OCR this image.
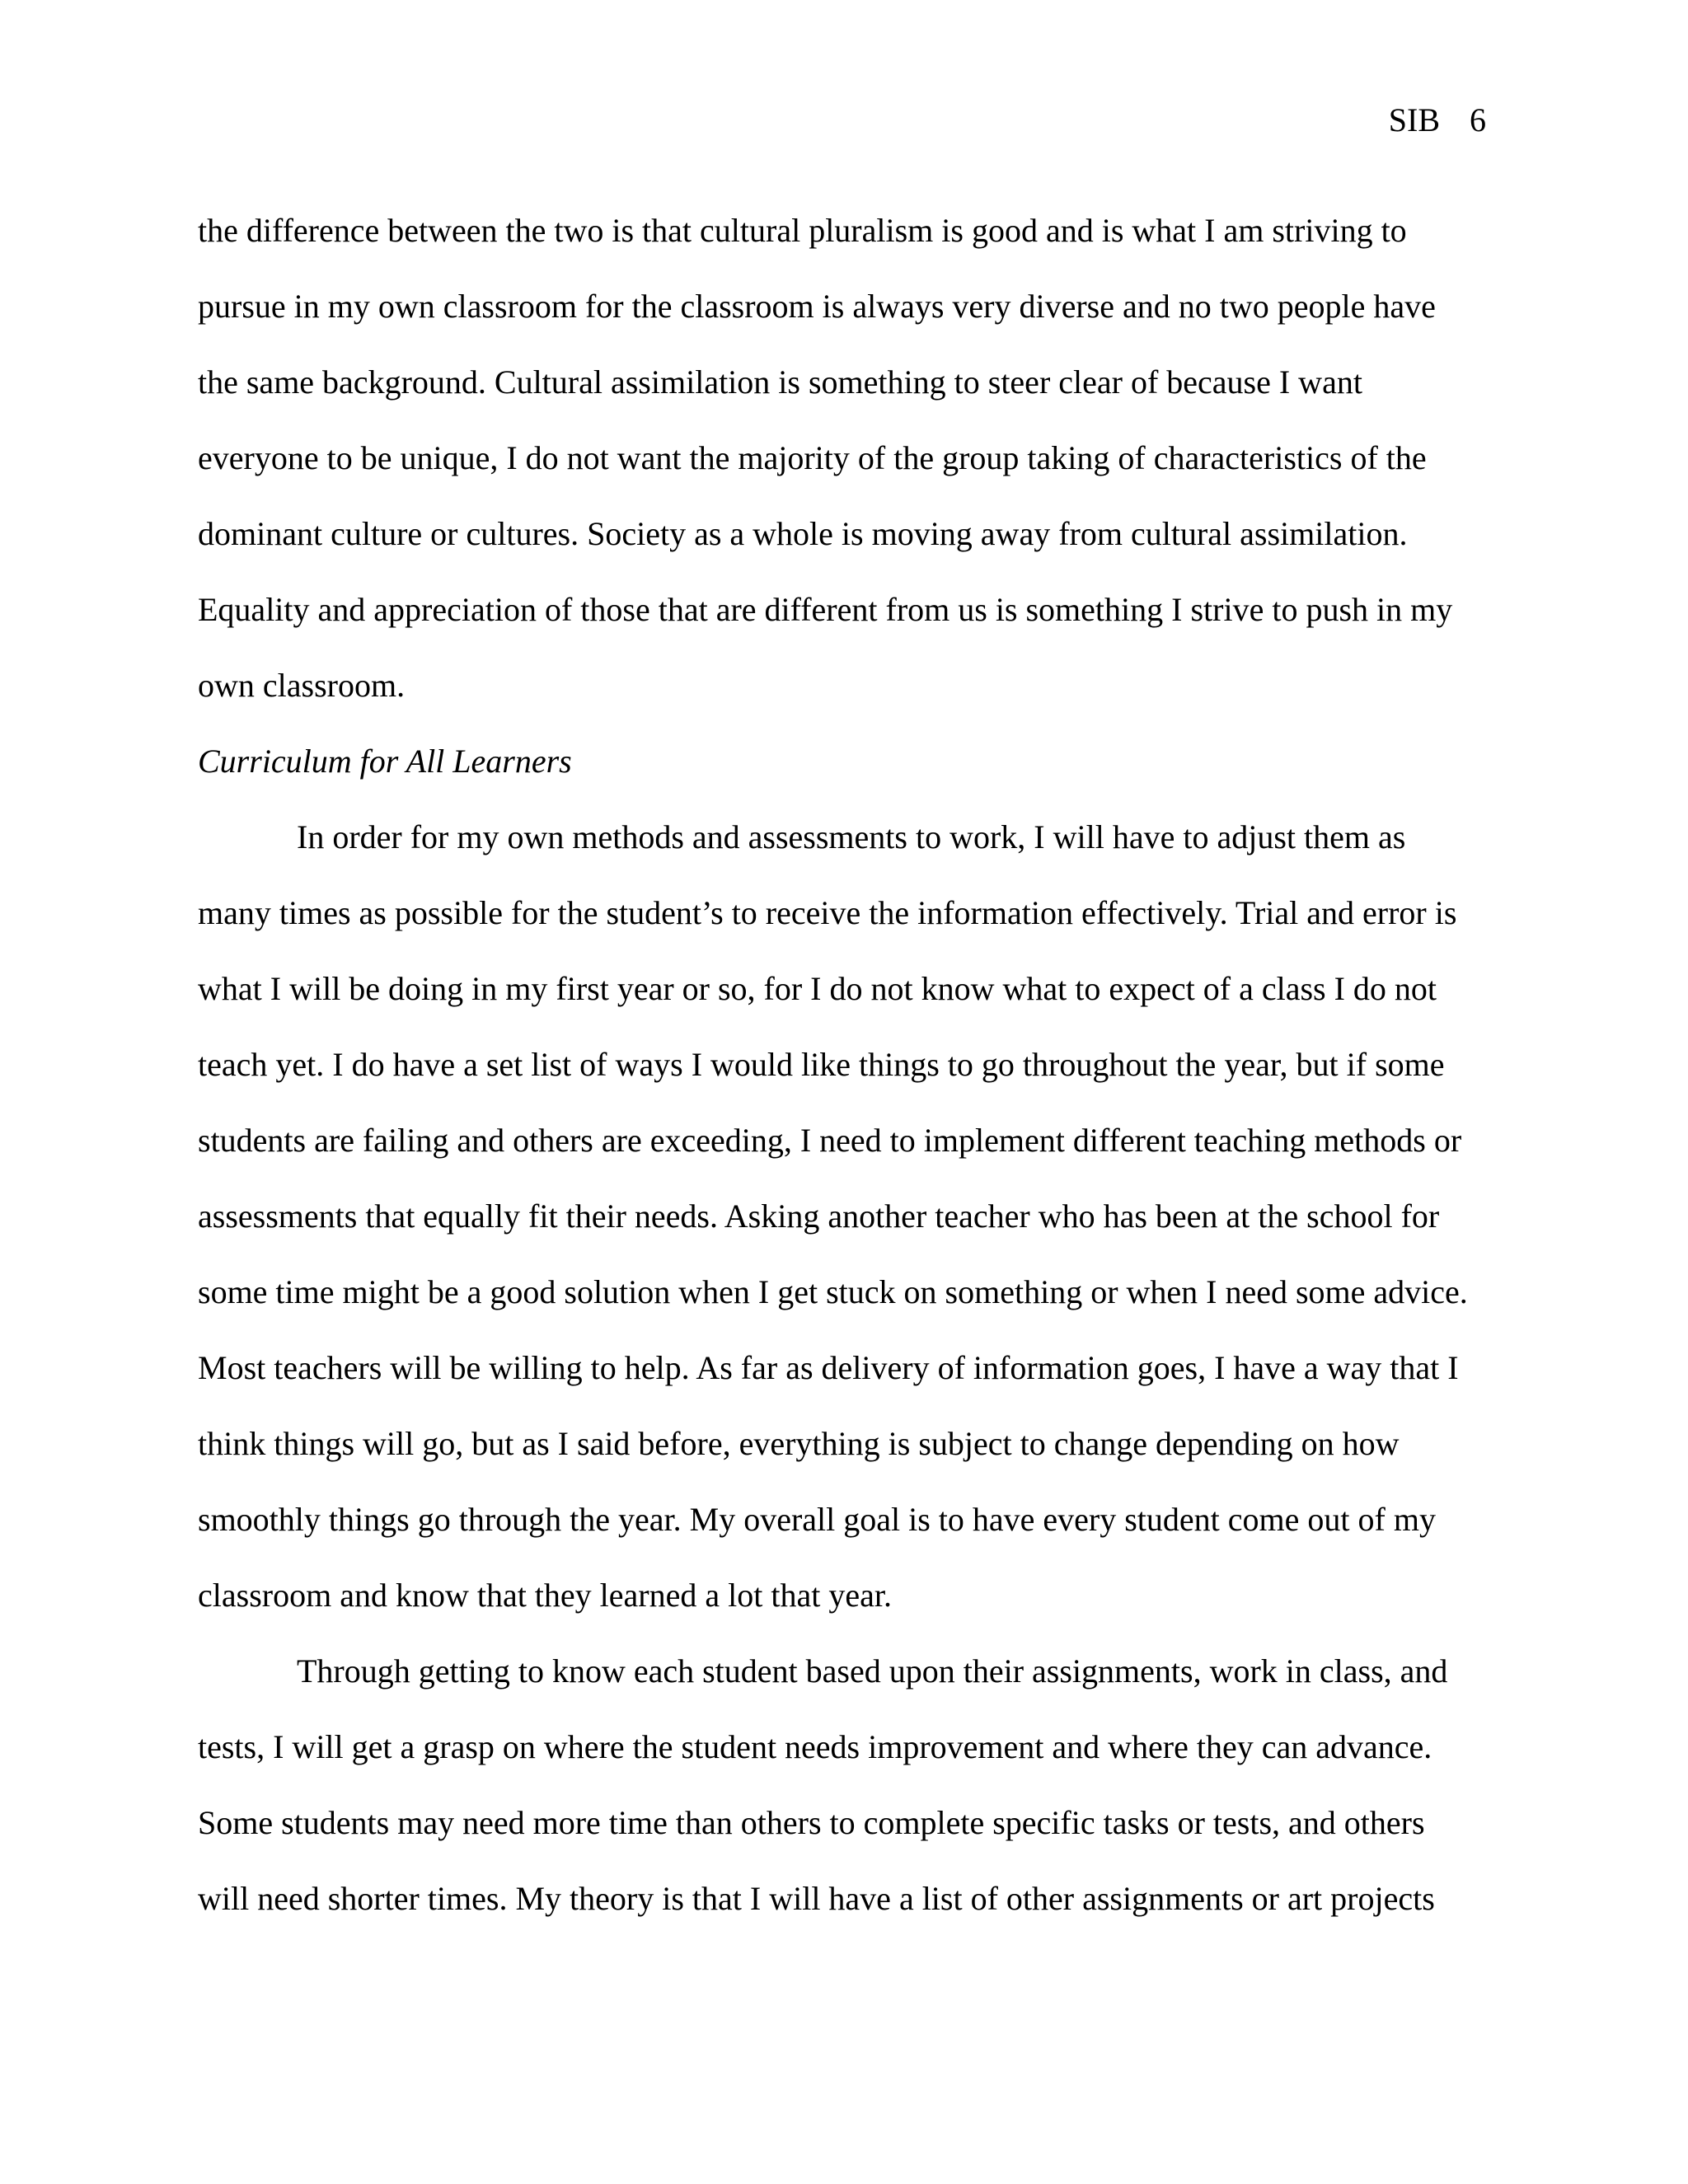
SIB 6

the difference between the two is that cultural pluralism is good and is what I am striving to
pursue in my own classroom for the classroom is always very diverse and no two people have
the same background. Cultural assimilation is something to steer clear of because I want
everyone to be unique, I do not want the majority of the group taking of characteristics of the
dominant culture or cultures. Society as a whole is moving away from cultural assimilation.
Equality and appreciation of those that are different from us is something I strive to push in my
own classroom.

Curriculum for All Learners

In order for my own methods and assessments to work, I will have to adjust them as
many times as possible for the student’s to receive the information effectively. Trial and error is
what I will be doing in my first year or so, for I do not know what to expect of a class I do not
teach yet. I do have a set list of ways I would like things to go throughout the year, but if some
students are failing and others are exceeding, I need to implement different teaching methods or
assessments that equally fit their needs. Asking another teacher who has been at the school for
some time might be a good solution when I get stuck on something or when I need some advice.
Most teachers will be willing to help. As far as delivery of information goes, I have a way that I
think things will go, but as I said before, everything is subject to change depending on how
smoothly things go through the year. My overall goal is to have every student come out of my
classroom and know that they learned a lot that year.

Through getting to know each student based upon their assignments, work in class, and
tests, I will get a grasp on where the student needs improvement and where they can advance.
Some students may need more time than others to complete specific tasks or tests, and others
will need shorter times. My theory is that I will have a list of other assignments or art projects
